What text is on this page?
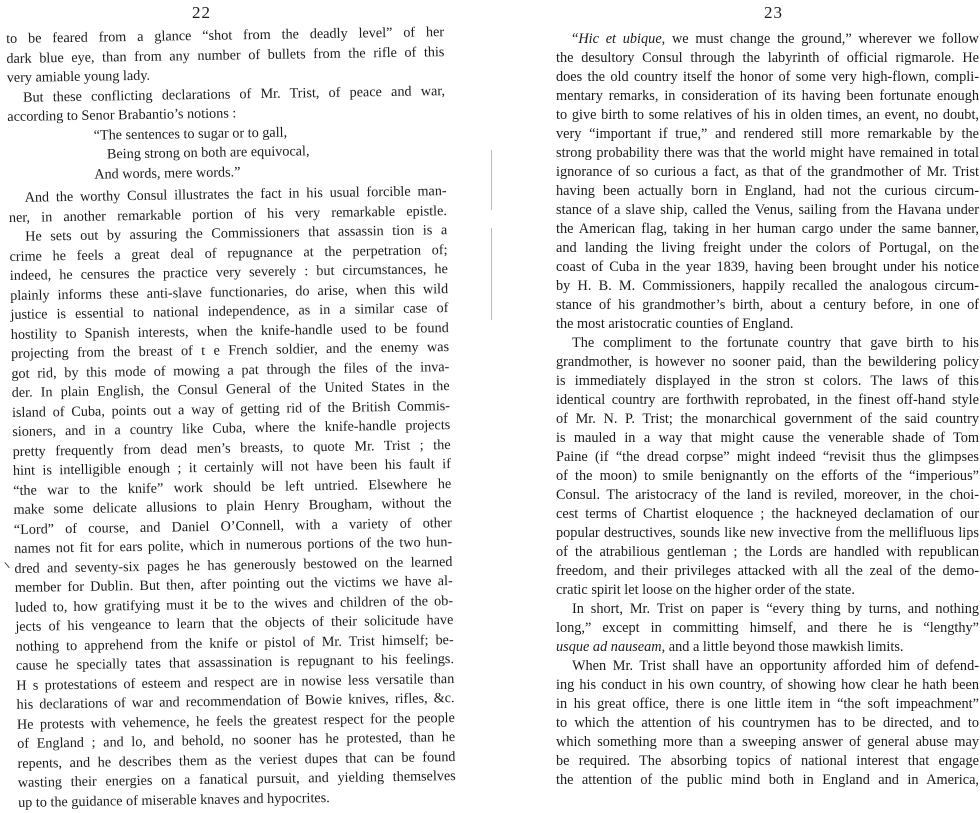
22
to be feared from a glance “shot from the deadly level” of her
dark blue eye, than from any number of bullets from the rifle of this
very amiable young lady.
But these conflicting declarations of Mr. Trist, of peace and war,
according to Senor Brabantio’s notions :
“The sentences to sugar or to gall,
Being strong on both are equivocal,
And words, mere words.”
And the worthy Consul illustrates the fact in his usual forcible man-
ner, in another remarkable portion of his very remarkable epistle.
He sets out by assuring the Commissioners that assassin tion is a
crime he feels a great deal of repugnance at the perpetration of;
indeed, he censures the practice very severely : but circumstances, he
plainly informs these anti-slave functionaries, do arise, when this wild
justice is essential to national independence, as in a similar case of
hostility to Spanish interests, when the knife-handle used to be found
projecting from the breast of t e French soldier, and the enemy was
got rid, by this mode of mowing a pat through the files of the inva-
der. In plain English, the Consul General of the United States in the
island of Cuba, points out a way of getting rid of the British Commis-
sioners, and in a country like Cuba, where the knife-handle projects
pretty frequently from dead men’s breasts, to quote Mr. Trist ; the
hint is intelligible enough ; it certainly will not have been his fault if
“the war to the knife” work should be left untried. Elsewhere he
make some delicate allusions to plain Henry Brougham, without the
“Lord” of course, and Daniel O’Connell, with a variety of other
names not fit for ears polite, which in numerous portions of the two hun-
dred and seventy-six pages he has generously bestowed on the learned
member for Dublin. But then, after pointing out the victims we have al-
luded to, how gratifying must it be to the wives and children of the ob-
jects of his vengeance to learn that the objects of their solicitude have
nothing to apprehend from the knife or pistol of Mr. Trist himself; be-
cause he specially tates that assassination is repugnant to his feelings.
H s protestations of esteem and respect are in nowise less versatile than
his declarations of war and recommendation of Bowie knives, rifles, &c.
He protests with vehemence, he feels the greatest respect for the people
of England ; and lo, and behold, no sooner has he protested, than he
repents, and he describes them as the veriest dupes that can be found
wasting their energies on a fanatical pursuit, and yielding themselves
up to the guidance of miserable knaves and hypocrites.
23
“Hic et ubique, we must change the ground,” wherever we follow
the desultory Consul through the labyrinth of official rigmarole. He
does the old country itself the honor of some very high-flown, compli-
mentary remarks, in consideration of its having been fortunate enough
to give birth to some relatives of his in olden times, an event, no doubt,
very “important if true,” and rendered still more remarkable by the
strong probability there was that the world might have remained in total
ignorance of so curious a fact, as that of the grandmother of Mr. Trist
having been actually born in England, had not the curious circum-
stance of a slave ship, called the Venus, sailing from the Havana under
the American flag, taking in her human cargo under the same banner,
and landing the living freight under the colors of Portugal, on the
coast of Cuba in the year 1839, having been brought under his notice
by H. B. M. Commissioners, happily recalled the analogous circum-
stance of his grandmother’s birth, about a century before, in one of
the most aristocratic counties of England.
The compliment to the fortunate country that gave birth to his
grandmother, is however no sooner paid, than the bewildering policy
is immediately displayed in the stron st colors. The laws of this
identical country are forthwith reprobated, in the finest off-hand style
of Mr. N. P. Trist; the monarchical government of the said country
is mauled in a way that might cause the venerable shade of Tom
Paine (if “the dread corpse” might indeed “revisit thus the glimpses
of the moon) to smile benignantly on the efforts of the “imperious”
Consul. The aristocracy of the land is reviled, moreover, in the choi-
cest terms of Chartist eloquence ; the hackneyed declamation of our
popular destructives, sounds like new invective from the mellifluous lips
of the atrabilious gentleman ; the Lords are handled with republican
freedom, and their privileges attacked with all the zeal of the demo-
cratic spirit let loose on the higher order of the state.
In short, Mr. Trist on paper is “every thing by turns, and nothing
long,” except in committing himself, and there he is “lengthy”
usque ad nauseam, and a little beyond those mawkish limits.
When Mr. Trist shall have an opportunity afforded him of defend-
ing his conduct in his own country, of showing how clear he hath been
in his great office, there is one little item in “the soft impeachment”
to which the attention of his countrymen has to be directed, and to
which something more than a sweeping answer of general abuse may
be required. The absorbing topics of national interest that engage
the attention of the public mind both in England and in America,
